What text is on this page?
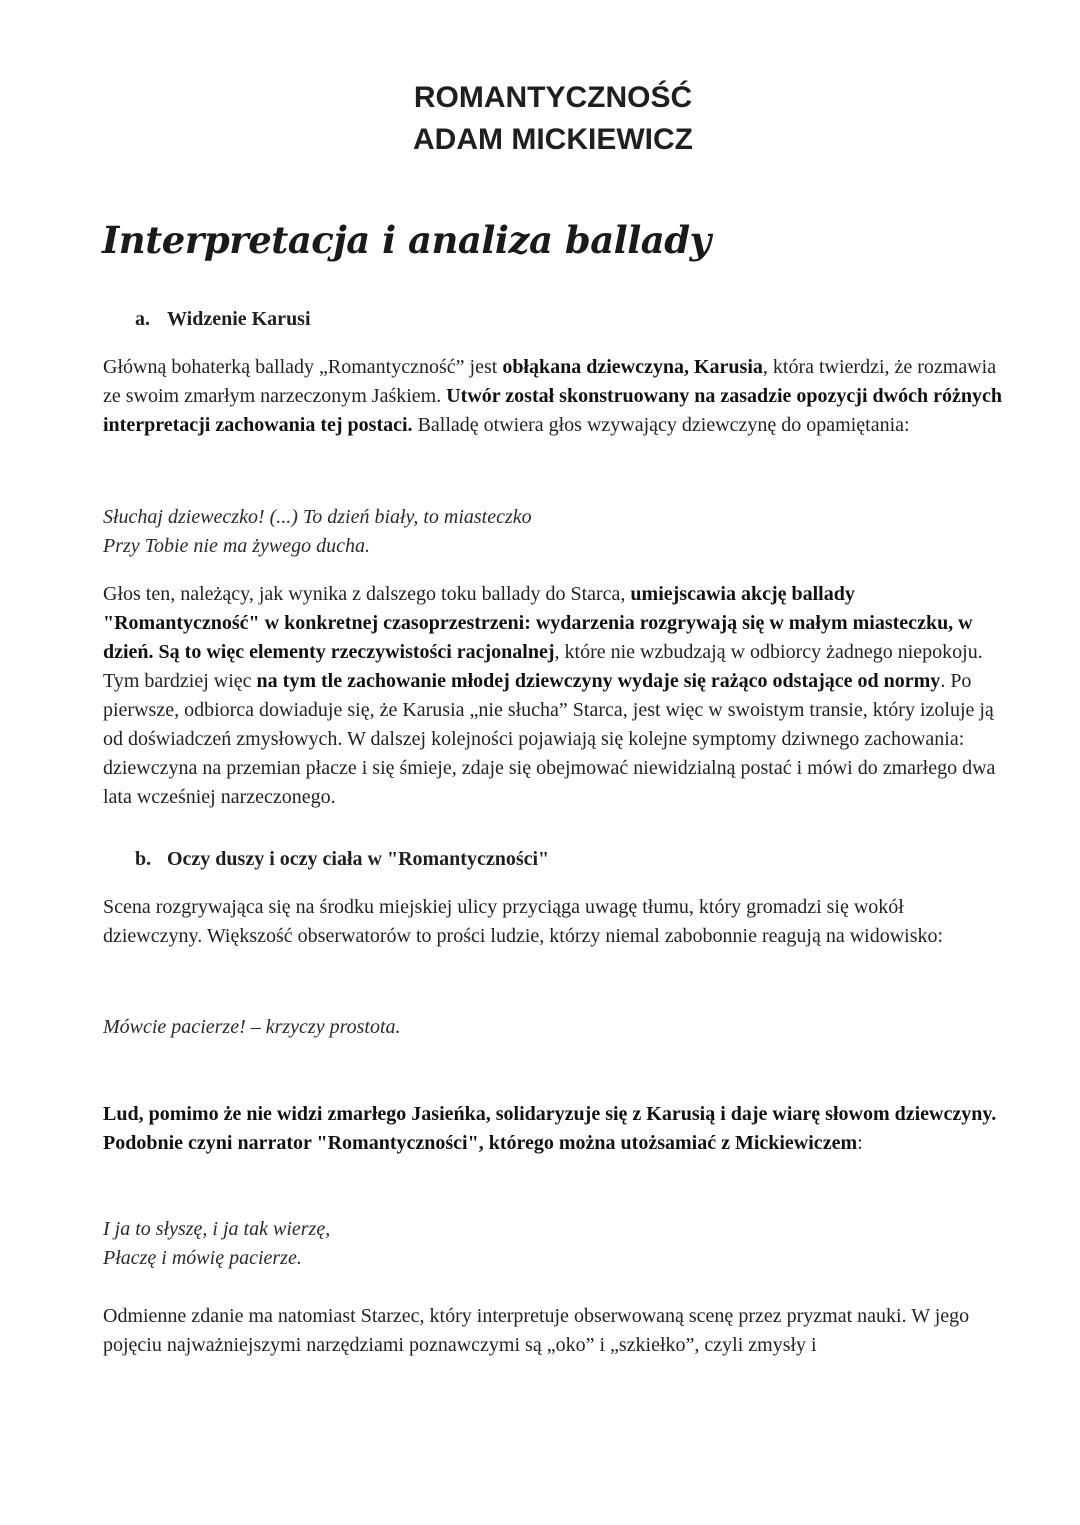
ROMANTYCZNOŚĆ
ADAM MICKIEWICZ
Interpretacja i analiza ballady
a. Widzenie Karusi

Główną bohaterką ballady „Romantyczność” jest obłąkana dziewczyna, Karusia, która twierdzi, że rozmawia ze swoim zmarłym narzeczonym Jaśkiem. Utwór został skonstruowany na zasadzie opozycji dwóch różnych interpretacji zachowania tej postaci. Balladę otwiera głos wzywający dziewczynę do opamiętania:

Słuchaj dzieweczko! (...) To dzień biały, to miasteczko
Przy Tobie nie ma żywego ducha.

Głos ten, należący, jak wynika z dalszego toku ballady do Starca, umiejscawia akcję ballady "Romantyczność" w konkretnej czasoprzestrzeni: wydarzenia rozgrywają się w małym miasteczku, w dzień. Są to więc elementy rzeczywistości racjonalnej, które nie wzbudzają w odbiorcy żadnego niepokoju. Tym bardziej więc na tym tle zachowanie młodej dziewczyny wydaje się rażąco odstające od normy. Po pierwsze, odbiorca dowiaduje się, że Karusia „nie słucha” Starca, jest więc w swoistym transie, który izoluje ją od doświadczeń zmysłowych. W dalszej kolejności pojawiają się kolejne symptomy dziwnego zachowania: dziewczyna na przemian płacze i się śmieje, zdaje się obejmować niewidzialną postać i mówi do zmarłego dwa lata wcześniej narzeczonego.

b. Oczy duszy i oczy ciała w "Romantyczności"

Scena rozgrywająca się na środku miejskiej ulicy przyciąga uwagę tłumu, który gromadzi się wokół dziewczyny. Większość obserwatorów to prości ludzie, którzy niemal zabobonnie reagują na widowisko:

Mówcie pacierze! – krzyczy prostota.

Lud, pomimo że nie widzi zmarłego Jasieńka, solidaryzuje się z Karusią i daje wiarę słowom dziewczyny. Podobnie czyni narrator "Romantyczności", którego można utożsamiać z Mickiewiczem:

I ja to słyszę, i ja tak wierzę,
Płaczę i mówię pacierze.

Odmienne zdanie ma natomiast Starzec, który interpretuje obserwowaną scenę przez pryzmat nauki. W jego pojęciu najważniejszymi narzędziami poznawczymi są „oko” i „szkiełko”, czyli zmysły i
